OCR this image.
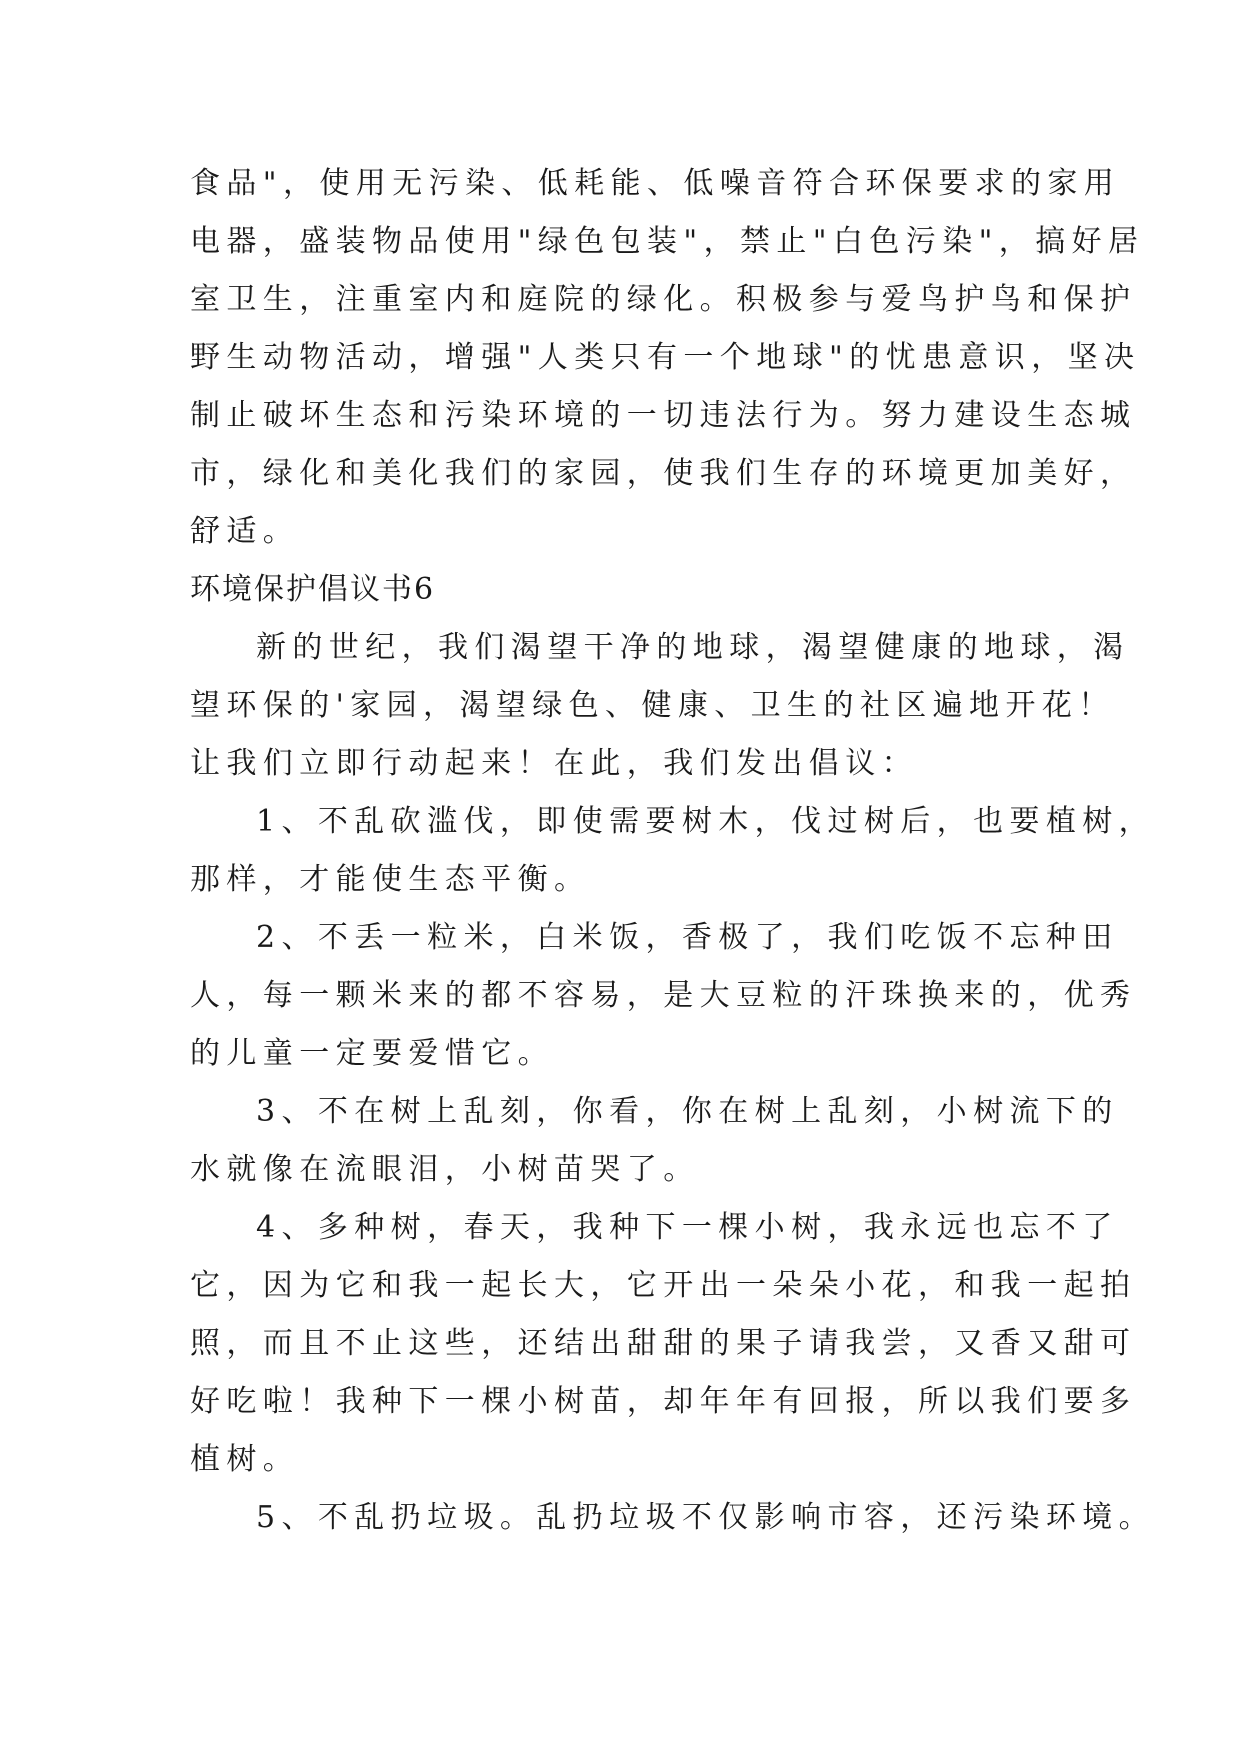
食品"，使用无污染、低耗能、低噪音符合环保要求的家用
电器，盛装物品使用"绿色包装"，禁止"白色污染"，搞好居
室卫生，注重室内和庭院的绿化。积极参与爱鸟护鸟和保护
野生动物活动，增强"人类只有一个地球"的忧患意识，坚决
制止破坏生态和污染环境的一切违法行为。努力建设生态城
市，绿化和美化我们的家园，使我们生存的环境更加美好，
舒适。
环境保护倡议书6
新的世纪，我们渴望干净的地球，渴望健康的地球，渴
望环保的'家园，渴望绿色、健康、卫生的社区遍地开花！
让我们立即行动起来！在此，我们发出倡议：
1、不乱砍滥伐，即使需要树木，伐过树后，也要植树，
那样，才能使生态平衡。
2、不丢一粒米，白米饭，香极了，我们吃饭不忘种田
人，每一颗米来的都不容易，是大豆粒的汗珠换来的，优秀
的儿童一定要爱惜它。
3、不在树上乱刻，你看，你在树上乱刻，小树流下的
水就像在流眼泪，小树苗哭了。
4、多种树，春天，我种下一棵小树，我永远也忘不了
它，因为它和我一起长大，它开出一朵朵小花，和我一起拍
照，而且不止这些，还结出甜甜的果子请我尝，又香又甜可
好吃啦！我种下一棵小树苗，却年年有回报，所以我们要多
植树。
5、不乱扔垃圾。乱扔垃圾不仅影响市容，还污染环境。
